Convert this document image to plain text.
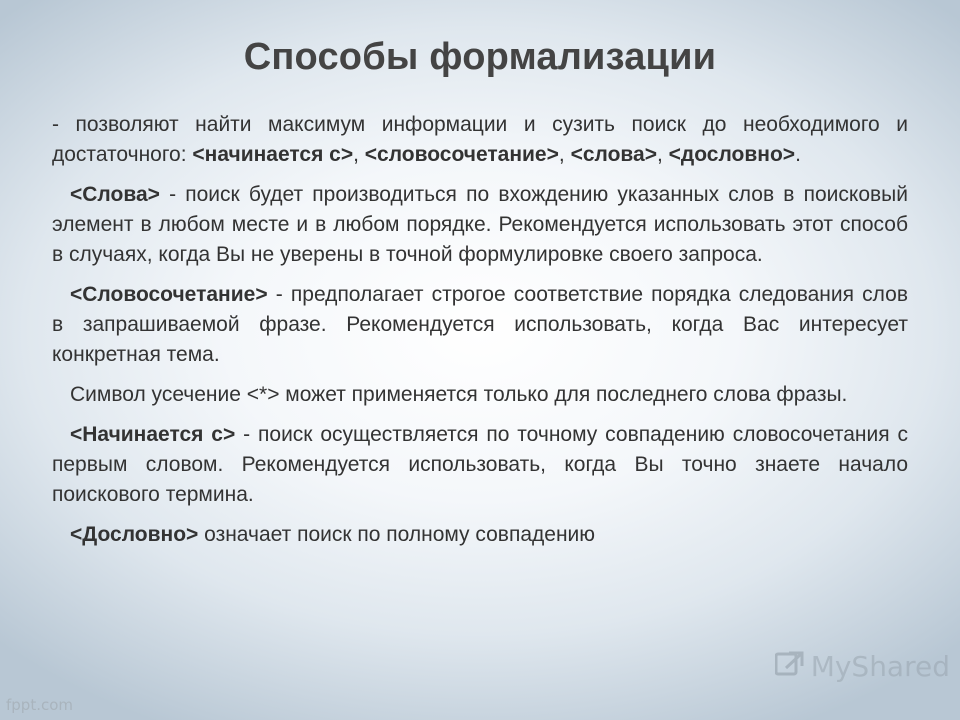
Способы формализации

- позволяют найти максимум информации и сузить поиск до необходимого и достаточного: <начинается с>, <словосочетание>, <слова>, <дословно>.

<Слова> - поиск будет производиться по вхождению указанных слов в поисковый элемент в любом месте и в любом порядке. Рекомендуется использовать этот способ в случаях, когда Вы не уверены в точной формулировке своего запроса.

<Словосочетание> - предполагает строгое соответствие порядка следования слов в запрашиваемой фразе. Рекомендуется использовать, когда Вас интересует конкретная тема.

Символ усечение <*> может применяется только для последнего слова фразы.

<Начинается с> - поиск осуществляется по точному совпадению словосочетания с первым словом. Рекомендуется использовать, когда Вы точно знаете начало поискового термина.

<Дословно> означает поиск по полному совпадению

fppt.com
MyShared
